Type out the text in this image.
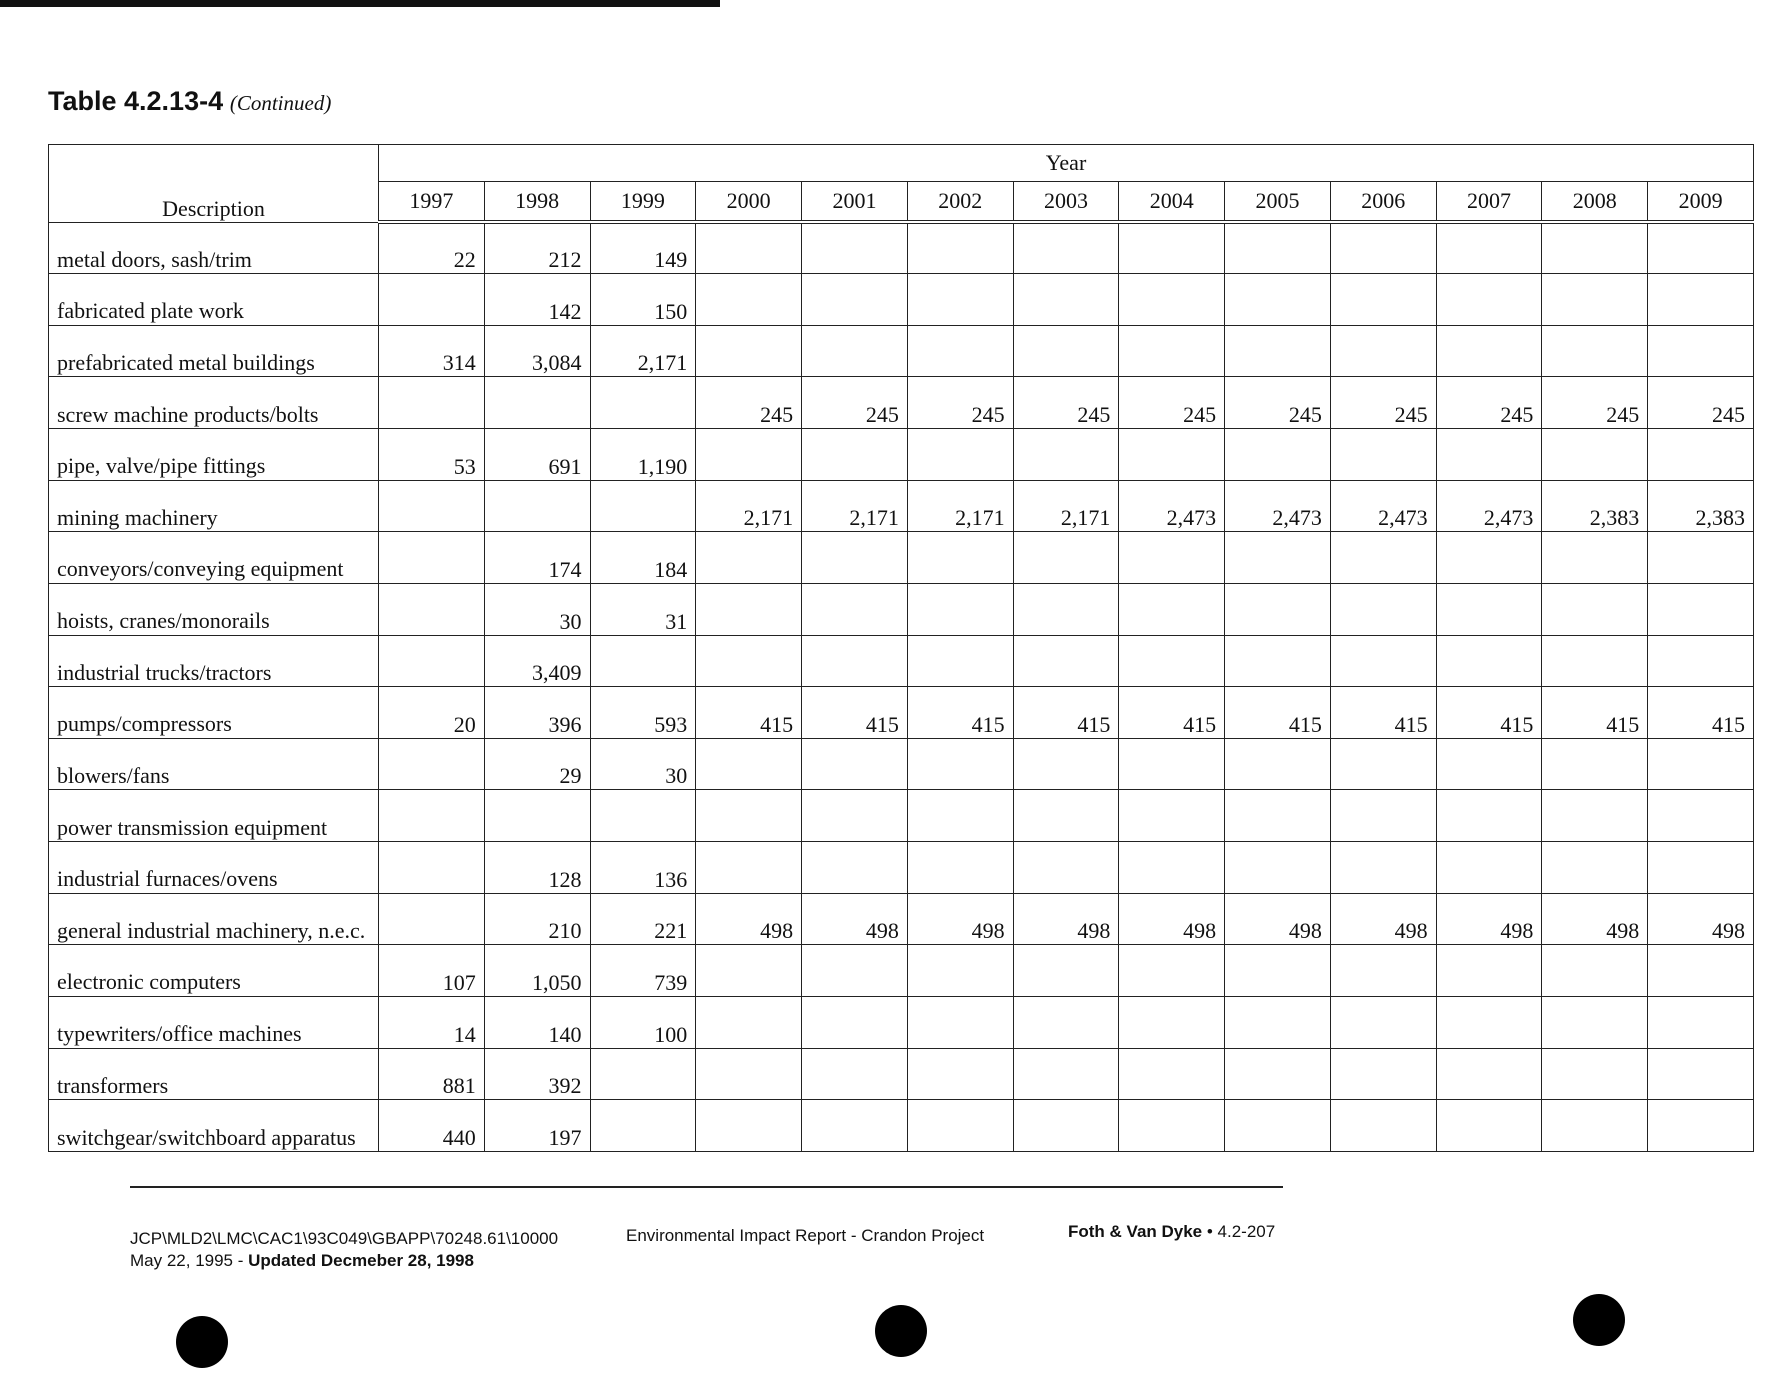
Table 4.2.13-4 (Continued)
Description	Year												
	1997	1998	1999	2000	2001	2002	2003	2004	2005	2006	2007	2008	2009
metal doors, sash/trim	22	212	149										
fabricated plate work		142	150										
prefabricated metal buildings	314	3,084	2,171										
screw machine products/bolts				245	245	245	245	245	245	245	245	245	245
pipe, valve/pipe fittings	53	691	1,190										
mining machinery				2,171	2,171	2,171	2,171	2,473	2,473	2,473	2,473	2,383	2,383
conveyors/conveying equipment		174	184										
hoists, cranes/monorails		30	31										
industrial trucks/tractors		3,409											
pumps/compressors	20	396	593	415	415	415	415	415	415	415	415	415	415
blowers/fans		29	30										
power transmission equipment													
industrial furnaces/ovens		128	136										
general industrial machinery, n.e.c.		210	221	498	498	498	498	498	498	498	498	498	498
electronic computers	107	1,050	739										
typewriters/office machines	14	140	100										
transformers	881	392											
switchgear/switchboard apparatus	440	197											
JCP\MLD2\LMC\CAC1\93C049\GBAPP\70248.61\10000
May 22, 1995 - Updated Decmeber 28, 1998
Environmental Impact Report - Crandon Project	Foth & Van Dyke • 4.2-207
